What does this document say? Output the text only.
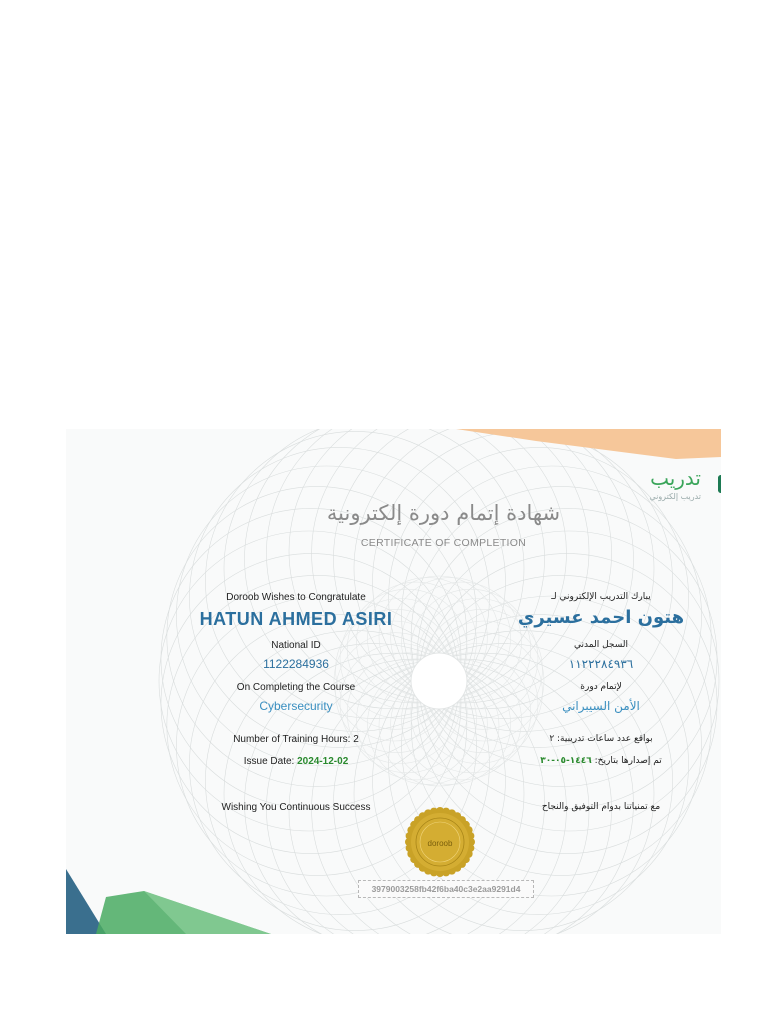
تدريب
تدريب إلكتروني
شهادة إتمام دورة إلكترونية
CERTIFICATE OF COMPLETION
Doroob Wishes to Congratulate
HATUN AHMED ASIRI
National ID
1122284936
On Completing the Course
Cybersecurity
Number of Training Hours: 2
Issue Date: 2024-12-02
Wishing You Continuous Success
يبارك التدريب الإلكتروني لـ
هتون احمد عسيري
السجل المدني
١١٢٢٢٨٤٩٣٦
لإتمام دورة
الأمن السيبراني
بواقع عدد ساعات تدريبية: ٢
تم إصدارها بتاريخ: ١٤٤٦-٠٥-٣٠
مع تمنياتنا بدوام التوفيق والنجاح
doroob
3979003258fb42f6ba40c3e2aa9291d4
